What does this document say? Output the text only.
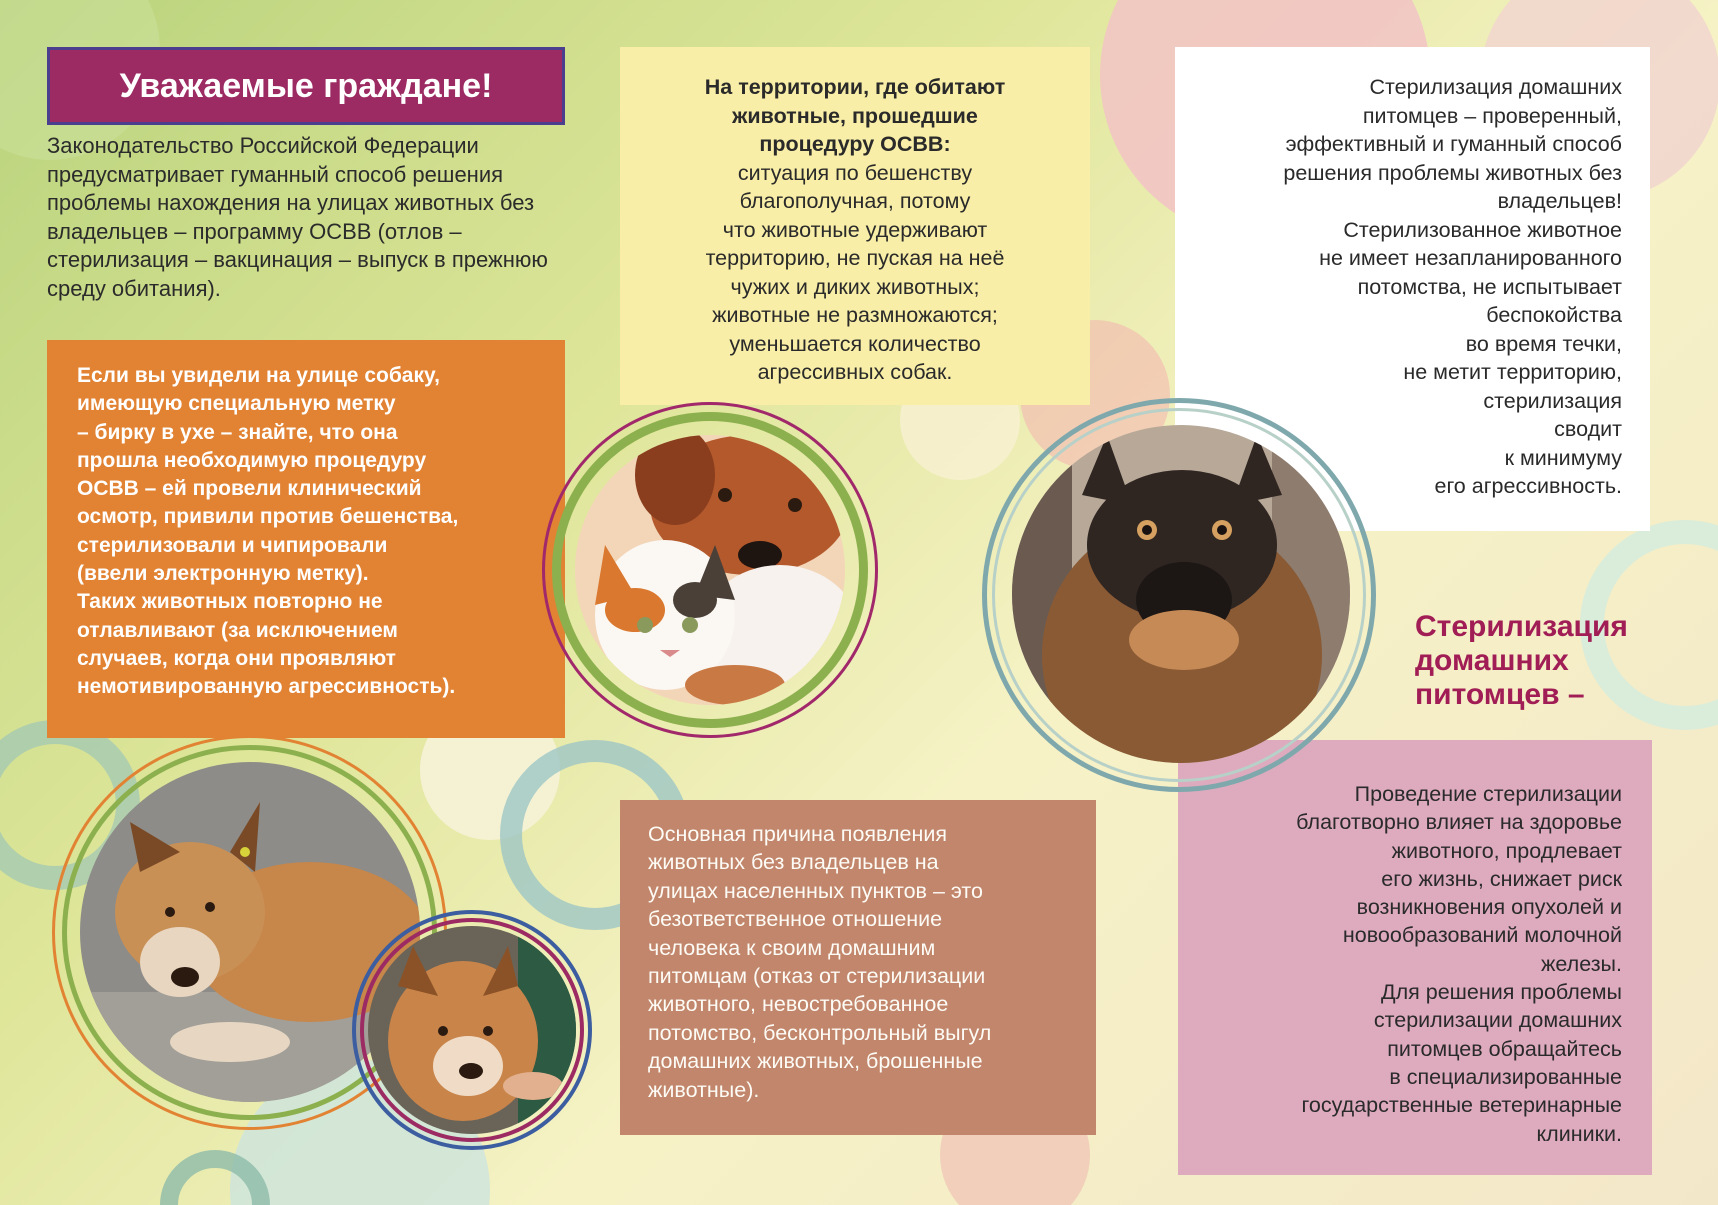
Уважаемые граждане!
Законодательство Российской Федерации предусматривает гуманный способ решения проблемы нахождения на улицах животных без владельцев – программу ОСВВ (отлов – стерилизация – вакцинация – выпуск в прежнюю среду обитания).
Если вы увидели на улице собаку,
имеющую специальную метку
– бирку в ухе – знайте, что она
прошла необходимую процедуру
ОСВВ – ей провели клинический
осмотр, привили против бешенства,
стерилизовали и чипировали
(ввели электронную метку).
Таких животных повторно не
отлавливают (за исключением
случаев, когда они проявляют
немотивированную агрессивность).
На территории, где обитают
животные, прошедшие
процедуру ОСВВ:
ситуация по бешенству
благополучная, потому
что животные удерживают
территорию, не пуская на неё
чужих и диких животных;
животные не размножаются;
уменьшается количество
агрессивных собак.
Стерилизация домашних
питомцев – проверенный,
эффективный и гуманный способ
решения проблемы животных без
владельцев!
Стерилизованное животное
не имеет незапланированного
потомства, не испытывает
беспокойства
во время течки,
не метит территорию,
стерилизация
сводит
к минимуму
его агрессивность.
Стерилизация
домашних
питомцев –
Проведение стерилизации
благотворно влияет на здоровье
животного, продлевает
его жизнь, снижает риск
возникновения опухолей и
новообразований молочной
железы.
Для решения проблемы
стерилизации домашних
питомцев обращайтесь
в специализированные
государственные ветеринарные
клиники.
Основная причина появления
животных без владельцев на
улицах населенных пунктов – это
безответственное отношение
человека к своим домашним
питомцам (отказ от стерилизации
животного, невостребованное
потомство, бесконтрольный выгул
домашних животных, брошенные
животные).
